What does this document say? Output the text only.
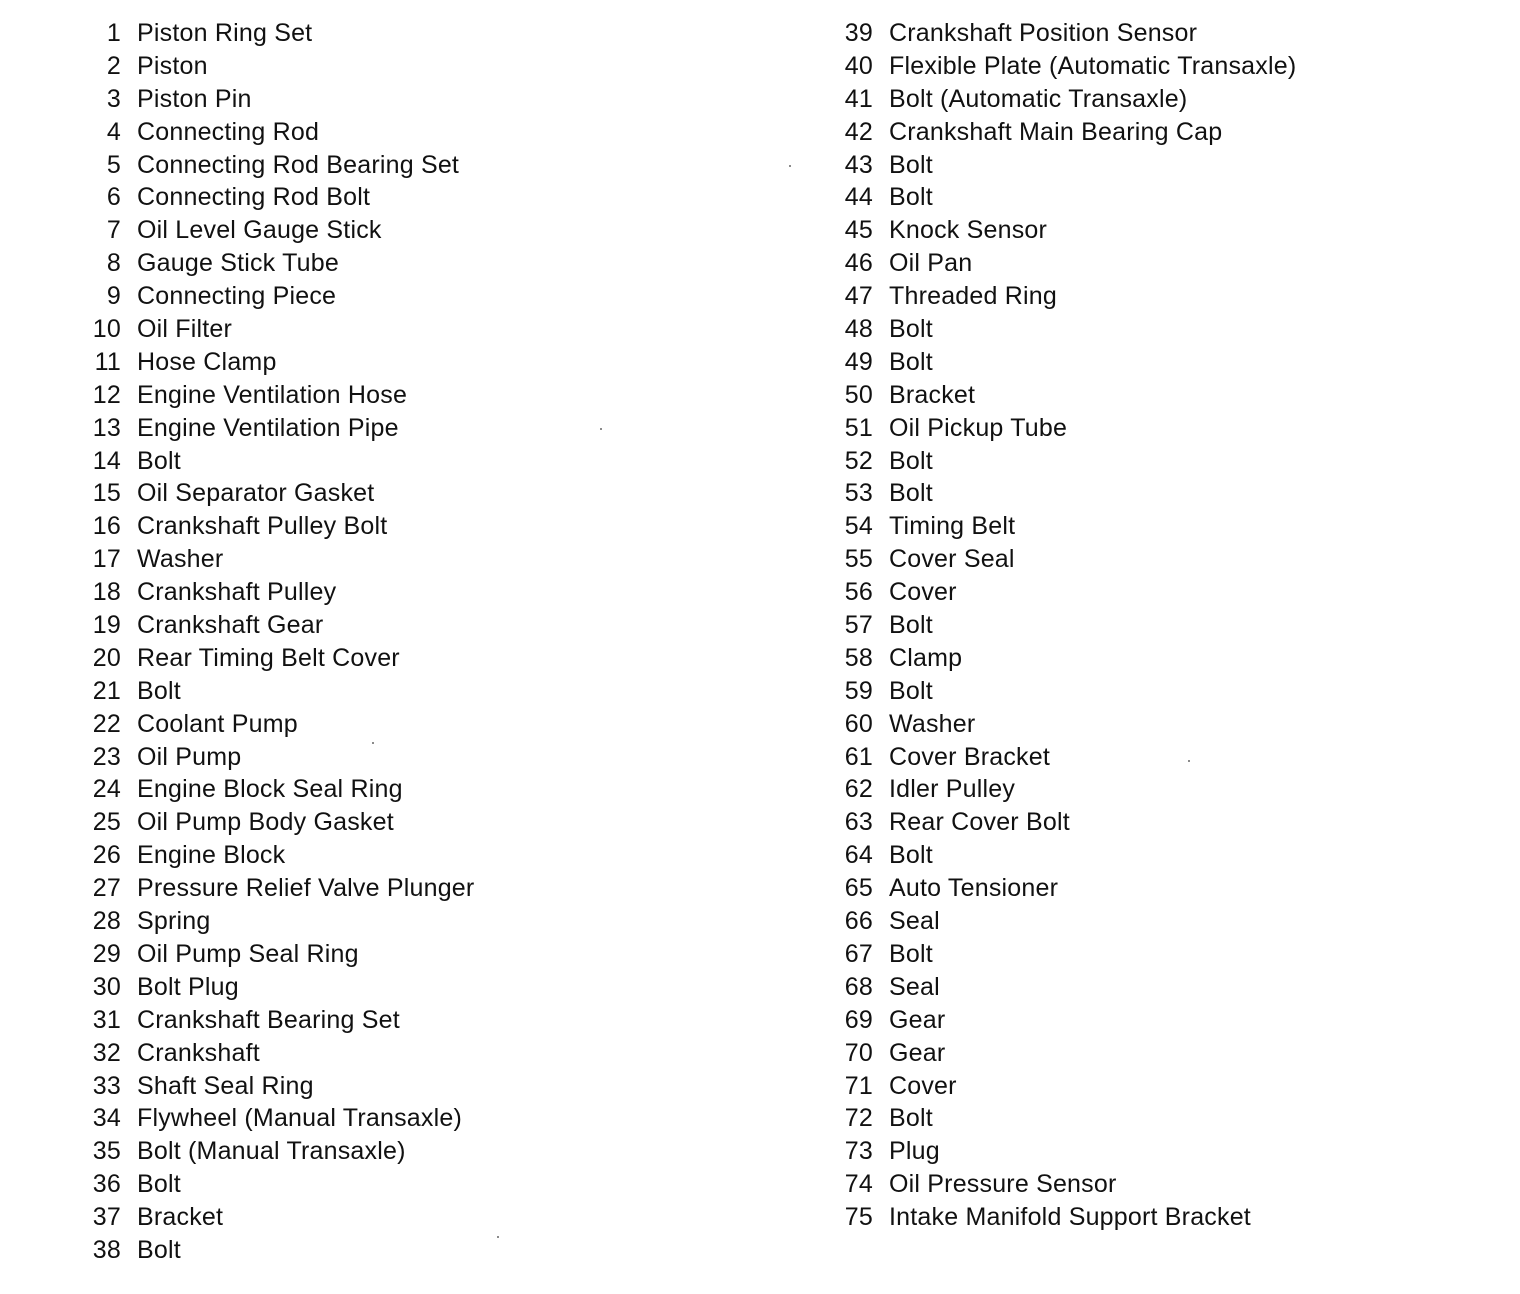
1 Piston Ring Set
2 Piston
3 Piston Pin
4 Connecting Rod
5 Connecting Rod Bearing Set
6 Connecting Rod Bolt
7 Oil Level Gauge Stick
8 Gauge Stick Tube
9 Connecting Piece
10 Oil Filter
11 Hose Clamp
12 Engine Ventilation Hose
13 Engine Ventilation Pipe
14 Bolt
15 Oil Separator Gasket
16 Crankshaft Pulley Bolt
17 Washer
18 Crankshaft Pulley
19 Crankshaft Gear
20 Rear Timing Belt Cover
21 Bolt
22 Coolant Pump
23 Oil Pump
24 Engine Block Seal Ring
25 Oil Pump Body Gasket
26 Engine Block
27 Pressure Relief Valve Plunger
28 Spring
29 Oil Pump Seal Ring
30 Bolt Plug
31 Crankshaft Bearing Set
32 Crankshaft
33 Shaft Seal Ring
34 Flywheel (Manual Transaxle)
35 Bolt (Manual Transaxle)
36 Bolt
37 Bracket
38 Bolt
39 Crankshaft Position Sensor
40 Flexible Plate (Automatic Transaxle)
41 Bolt (Automatic Transaxle)
42 Crankshaft Main Bearing Cap
43 Bolt
44 Bolt
45 Knock Sensor
46 Oil Pan
47 Threaded Ring
48 Bolt
49 Bolt
50 Bracket
51 Oil Pickup Tube
52 Bolt
53 Bolt
54 Timing Belt
55 Cover Seal
56 Cover
57 Bolt
58 Clamp
59 Bolt
60 Washer
61 Cover Bracket
62 Idler Pulley
63 Rear Cover Bolt
64 Bolt
65 Auto Tensioner
66 Seal
67 Bolt
68 Seal
69 Gear
70 Gear
71 Cover
72 Bolt
73 Plug
74 Oil Pressure Sensor
75 Intake Manifold Support Bracket
